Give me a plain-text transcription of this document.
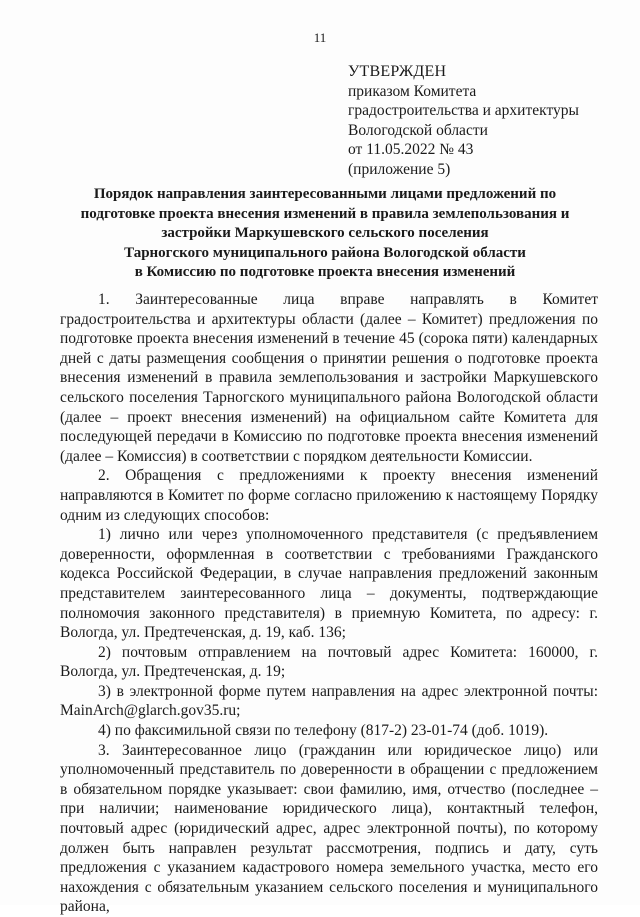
11
УТВЕРЖДЕН
приказом Комитета
градостроительства и архитектуры
Вологодской области
от 11.05.2022 № 43
(приложение 5)
Порядок направления заинтересованными лицами предложений по
подготовке проекта внесения изменений в правила землепользования и
застройки Маркушевского сельского поселения
Тарногского муниципального района Вологодской области
в Комиссию по подготовке проекта внесения изменений

1. Заинтересованные лица вправе направлять в Комитет градостроительства и архитектуры области (далее – Комитет) предложения по подготовке проекта внесения изменений в течение 45 (сорока пяти) календарных дней с даты размещения сообщения о принятии решения о подготовке проекта внесения изменений в правила землепользования и застройки Маркушевского сельского поселения Тарногского муниципального района Вологодской области (далее – проект внесения изменений) на официальном сайте Комитета для последующей передачи в Комиссию по подготовке проекта внесения изменений (далее – Комиссия) в соответствии с порядком деятельности Комиссии.

2. Обращения с предложениями к проекту внесения изменений направляются в Комитет по форме согласно приложению к настоящему Порядку одним из следующих способов:

1) лично или через уполномоченного представителя (с предъявлением доверенности, оформленная в соответствии с требованиями Гражданского кодекса Российской Федерации, в случае направления предложений законным представителем заинтересованного лица – документы, подтверждающие полномочия законного представителя) в приемную Комитета, по адресу: г. Вологда, ул. Предтеченская, д. 19, каб. 136;

2) почтовым отправлением на почтовый адрес Комитета: 160000, г. Вологда, ул. Предтеченская, д. 19;

3) в электронной форме путем направления на адрес электронной почты: MainArch@glarch.gov35.ru;

4) по факсимильной связи по телефону (817-2) 23-01-74 (доб. 1019).

3. Заинтересованное лицо (гражданин или юридическое лицо) или уполномоченный представитель по доверенности в обращении с предложением в обязательном порядке указывает: свои фамилию, имя, отчество (последнее – при наличии; наименование юридического лица), контактный телефон, почтовый адрес (юридический адрес, адрес электронной почты), по которому должен быть направлен результат рассмотрения, подпись и дату, суть предложения с указанием кадастрового номера земельного участка, место его нахождения с обязательным указанием сельского поселения и муниципального района,
